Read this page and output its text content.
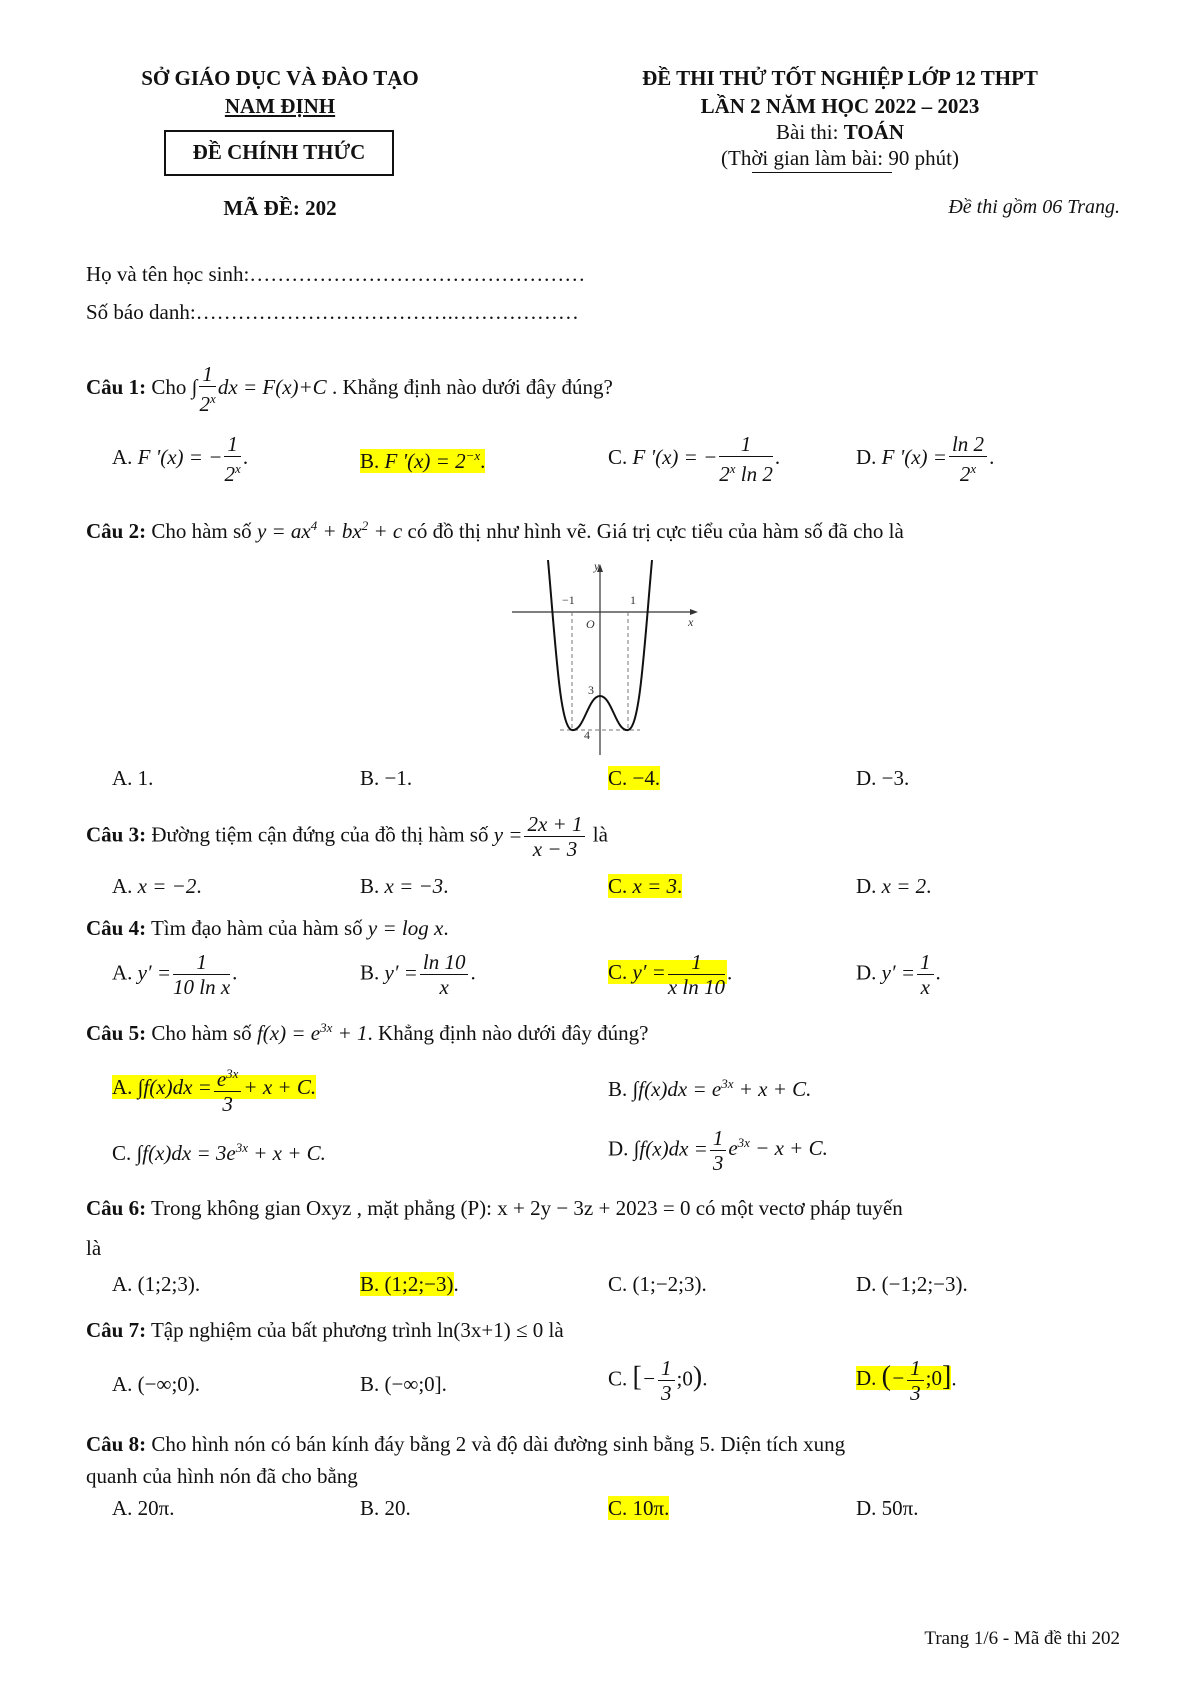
SỞ GIÁO DỤC VÀ ĐÀO TẠO
NAM ĐỊNH
ĐỀ CHÍNH THỨC
MÃ ĐỀ: 202
ĐỀ THI THỬ TỐT NGHIỆP LỚP 12 THPT
LẦN 2 NĂM HỌC 2022 – 2023
Bài thi: TOÁN
(Thời gian làm bài: 90 phút)
Đề thi gồm 06 Trang.
Họ và tên học sinh:…………………………………………
Số báo danh:……………………………….………………
Câu 1: Cho ∫ $\frac{1}{2^x}$ dx = F(x)+C . Khẳng định nào dưới đây đúng?
A. F '(x) = − $\frac{1}{2^x}$ .	B. F '$(x) = 2^{-x}$.	C. F '(x) = − $\frac{1}{2^x \ln 2}$ .	D. F '$(x) = \frac{\ln 2}{2^x}$ .
Câu 2: Cho hàm số $y = ax^4 + bx^2 + c$ có đồ thị như hình vẽ. Giá trị cực tiểu của hàm số đã cho là
y
x
O
−1	1
3
4
A. 1.	B. −1.	C. −4.	D. −3.
Câu 3: Đường tiệm cận đứng của đồ thị hàm số $y = \frac{2x + 1}{x - 3}$ là
A. x = −2.	B. x = −3.	C. x = 3.	D. x = 2.
Câu 4: Tìm đạo hàm của hàm số y = log x.
A. $y' = \frac{1}{\text{10 ln x}}$ .	B. $y' = \frac{\ln 10}{x}$ .	C. $y' = \frac{1}{\text{x ln 10}}$ .	D. $y' = \frac{1}{x}$ .
Câu 5: Cho hàm số $f(x) = e^{3x} + 1$. Khẳng định nào dưới đây đúng?
A. $\int f(x)dx = \frac{e^{3x}}{3} + x + C$.	B. $\int f(x)dx = e^{3x} + x + C$.
C. $\int f(x)dx = 3e^{3x} + x + C$.	D. $\int f(x)dx = \frac{1}{3} e^{3x} - x + C$.
Câu 6: Trong không gian Oxyz , mặt phẳng (P): x + 2y − 3z + 2023 = 0 có một vectơ pháp tuyến
là
A. (1;2;3).	B. (1;2;−3).	C. (1;−2;3).	D. (−1;2;−3).
Câu 7: Tập nghiệm của bất phương trình ln(3x+1) ≤ 0 là
A. (−∞;0).	B. (−∞;0].	C. [− $\frac{1}{3}$ ;0).	D. (− $\frac{1}{3}$ ;0].
Câu 8: Cho hình nón có bán kính đáy bằng 2 và độ dài đường sinh bằng 5. Diện tích xung
quanh của hình nón đã cho bằng
A. 20π.	B. 20.	C. 10π.	D. 50π.
Trang 1/6 - Mã đề thi 202
